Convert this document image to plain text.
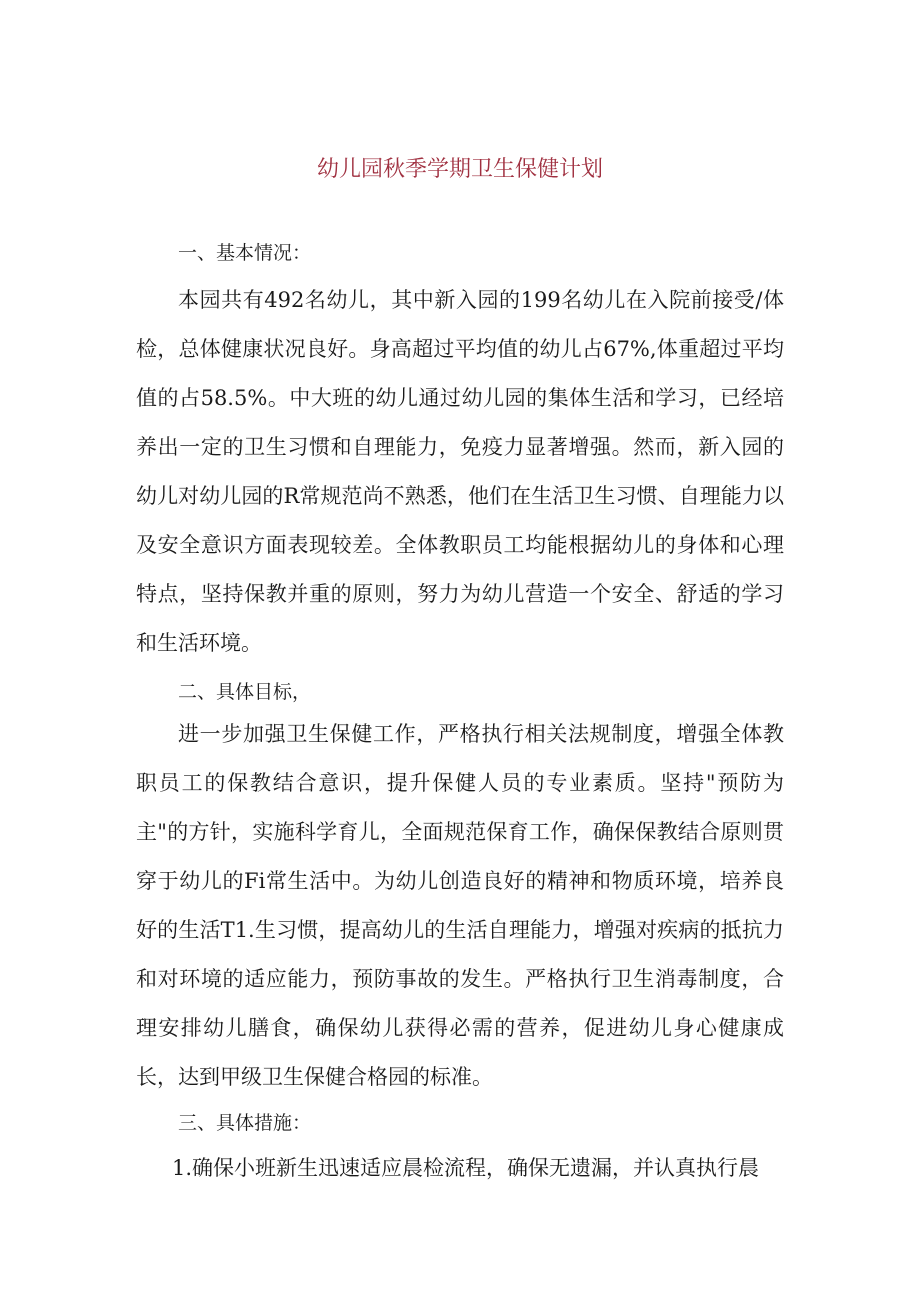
幼儿园秋季学期卫生保健计划
一、基本情况：

本园共有492名幼儿，其中新入园的199名幼儿在入院前接受/体检，总体健康状况良好。身高超过平均值的幼儿占67%,体重超过平均值的占58.5%。中大班的幼儿通过幼儿园的集体生活和学习，已经培养出一定的卫生习惯和自理能力，免疫力显著增强。然而，新入园的幼儿对幼儿园的R常规范尚不熟悉，他们在生活卫生习惯、自理能力以及安全意识方面表现较差。全体教职员工均能根据幼儿的身体和心理特点，坚持保教并重的原则，努力为幼儿营造一个安全、舒适的学习和生活环境。

二、具体目标，

进一步加强卫生保健工作，严格执行相关法规制度，增强全体教职员工的保教结合意识，提升保健人员的专业素质。坚持"预防为主"的方针，实施科学育儿，全面规范保育工作，确保保教结合原则贯穿于幼儿的Fi常生活中。为幼儿创造良好的精神和物质环境，培养良好的生活T1.生习惯，提高幼儿的生活自理能力，增强对疾病的抵抗力和对环境的适应能力，预防事故的发生。严格执行卫生消毒制度，合理安排幼儿膳食，确保幼儿获得必需的营养，促进幼儿身心健康成长，达到甲级卫生保健合格园的标准。

三、具体措施：

1.确保小班新生迅速适应晨检流程，确保无遗漏，并认真执行晨
